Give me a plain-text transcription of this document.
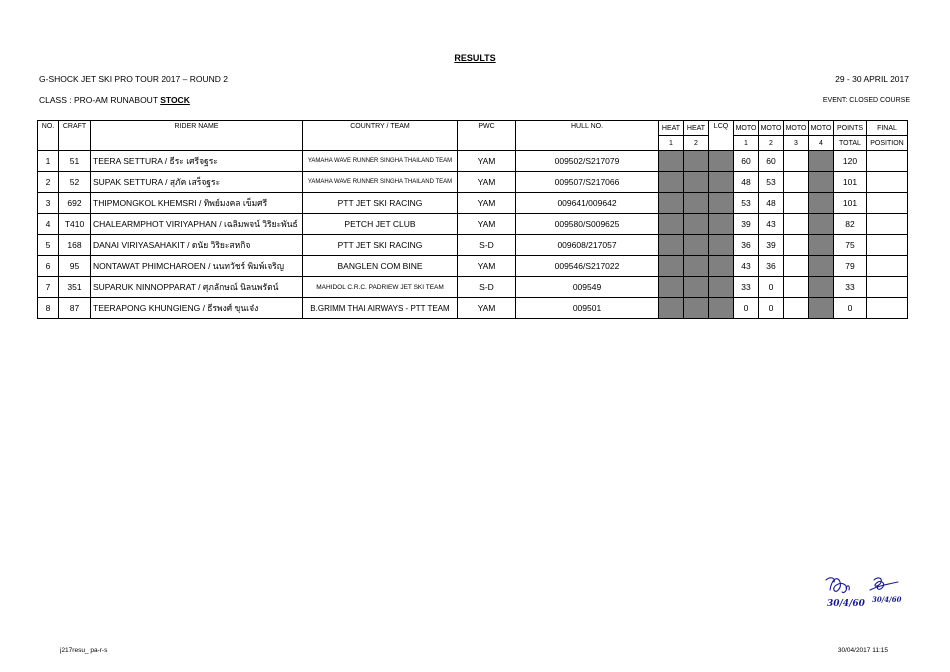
RESULTS
G-SHOCK JET SKI PRO TOUR 2017 – ROUND 2	29 - 30 APRIL 2017
CLASS : PRO-AM RUNABOUT STOCK	EVENT: CLOSED COURSE
NO.	CRAFT	RIDER NAME	COUNTRY / TEAM	PWC	HULL NO.	HEAT	HEAT	LCQ	MOTO	MOTO	MOTO	MOTO	POINTS	FINAL
						1	2		1	2	3	4	TOTAL	POSITION
1	51	TEERA SETTURA / ธีระ เศรีจฐระ	YAMAHA WAVE RUNNER SINGHA THAILAND TEAM	YAM	009502/S217079				60	60			120	
2	52	SUPAK SETTURA / สุภัค เสร็จฐระ	YAMAHA WAVE RUNNER SINGHA THAILAND TEAM	YAM	009507/S217066				48	53			101	
3	692	THIPMONGKOL KHEMSRI / ทิพย์มงคล เข็มศรี	PTT JET SKI RACING	YAM	009641/009642				53	48			101	
4	T410	CHALEARMPHOT VIRIYAPHAN / เฉลิมพจน์ วิริยะพันธ์	PETCH JET CLUB	YAM	009580/S009625				39	43			82	
5	168	DANAI VIRIYASAHAKIT / ดนัย วิริยะสหกิจ	PTT JET SKI RACING	S-D	009608/217057				36	39			75	
6	95	NONTAWAT PHIMCHAROEN / นนทวัชร์ พิมพ์เจริญ	BANGLEN COM BINE	YAM	009546/S217022				43	36			79	
7	351	SUPARUK NINNOPPARAT / ศุภลักษณ์ นิลนพรัตน์	MAHIDOL C.R.C. PADRIEW JET SKI TEAM	S-D	009549				33	0			33	
8	87	TEERAPONG KHUNGIENG / ธีรพงศ์ ขุนเจ๋ง	B.GRIMM THAI AIRWAYS - PTT TEAM	YAM	009501				0	0			0	
30/4/60 30/4/60
j217resu_ pa-r-s	30/04/2017 11:15
